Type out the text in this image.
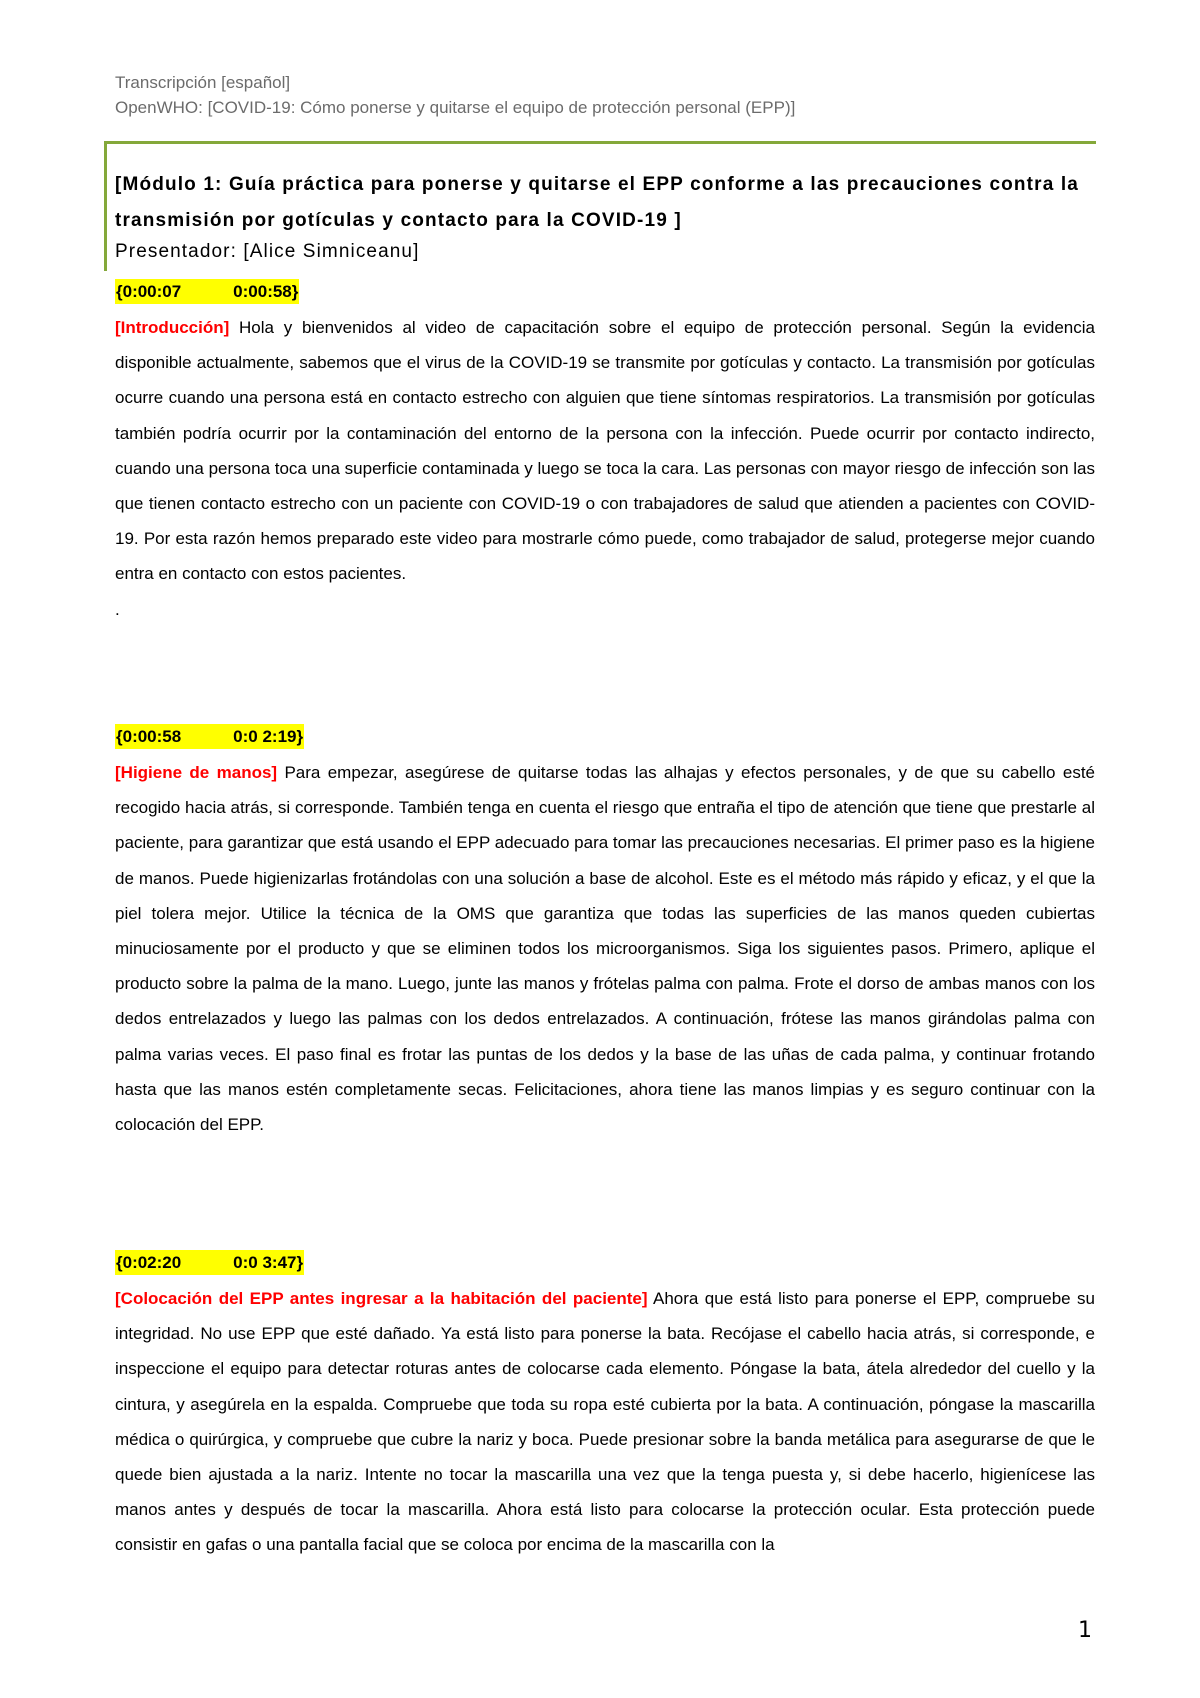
Transcripción [español]
OpenWHO: [COVID-19: Cómo ponerse y quitarse el equipo de protección personal (EPP)]
[Módulo 1: Guía práctica para ponerse y quitarse el EPP conforme a las precauciones contra la transmisión por gotículas y contacto para la COVID-19 ]
Presentador: [Alice Simniceanu]
{0:00:07           0:00:58}
[Introducción] Hola y bienvenidos al video de capacitación sobre el equipo de protección personal. Según la evidencia disponible actualmente, sabemos que el virus de la COVID-19 se transmite por gotículas y contacto. La transmisión por gotículas ocurre cuando una persona está en contacto estrecho con alguien que tiene síntomas respiratorios. La transmisión por gotículas también podría ocurrir por la contaminación del entorno de la persona con la infección. Puede ocurrir por contacto indirecto, cuando una persona toca una superficie contaminada y luego se toca la cara. Las personas con mayor riesgo de infección son las que tienen contacto estrecho con un paciente con COVID-19 o con trabajadores de salud que atienden a pacientes con COVID-19. Por esta razón hemos preparado este video para mostrarle cómo puede, como trabajador de salud, protegerse mejor cuando entra en contacto con estos pacientes.
.
{0:00:58           0:0 2:19}
[Higiene de manos] Para empezar, asegúrese de quitarse todas las alhajas y efectos personales, y de que su cabello esté recogido hacia atrás, si corresponde. También tenga en cuenta el riesgo que entraña el tipo de atención que tiene que prestarle al paciente, para garantizar que está usando el EPP adecuado para tomar las precauciones necesarias. El primer paso es la higiene de manos. Puede higienizarlas frotándolas con una solución a base de alcohol. Este es el método más rápido y eficaz, y el que la piel tolera mejor. Utilice la técnica de la OMS que garantiza que todas las superficies de las manos queden cubiertas minuciosamente por el producto y que se eliminen todos los microorganismos. Siga los siguientes pasos. Primero, aplique el producto sobre la palma de la mano. Luego, junte las manos y frótelas palma con palma. Frote el dorso de ambas manos con los dedos entrelazados y luego las palmas con los dedos entrelazados. A continuación, frótese las manos girándolas palma con palma varias veces. El paso final es frotar las puntas de los dedos y la base de las uñas de cada palma, y continuar frotando hasta que las manos estén completamente secas. Felicitaciones, ahora tiene las manos limpias y es seguro continuar con la colocación del EPP.
{0:02:20           0:0 3:47}
[Colocación del EPP antes ingresar a la habitación del paciente] Ahora que está listo para ponerse el EPP, compruebe su integridad. No use EPP que esté dañado. Ya está listo para ponerse la bata. Recójase el cabello hacia atrás, si corresponde, e inspeccione el equipo para detectar roturas antes de colocarse cada elemento. Póngase la bata, átela alrededor del cuello y la cintura, y asegúrela en la espalda. Compruebe que toda su ropa esté cubierta por la bata. A continuación, póngase la mascarilla médica o quirúrgica, y compruebe que cubre la nariz y boca. Puede presionar sobre la banda metálica para asegurarse de que le quede bien ajustada a la nariz. Intente no tocar la mascarilla una vez que la tenga puesta y, si debe hacerlo, higienícese las manos antes y después de tocar la mascarilla. Ahora está listo para colocarse la protección ocular. Esta protección puede consistir en gafas o una pantalla facial que se coloca por encima de la mascarilla con la
1
